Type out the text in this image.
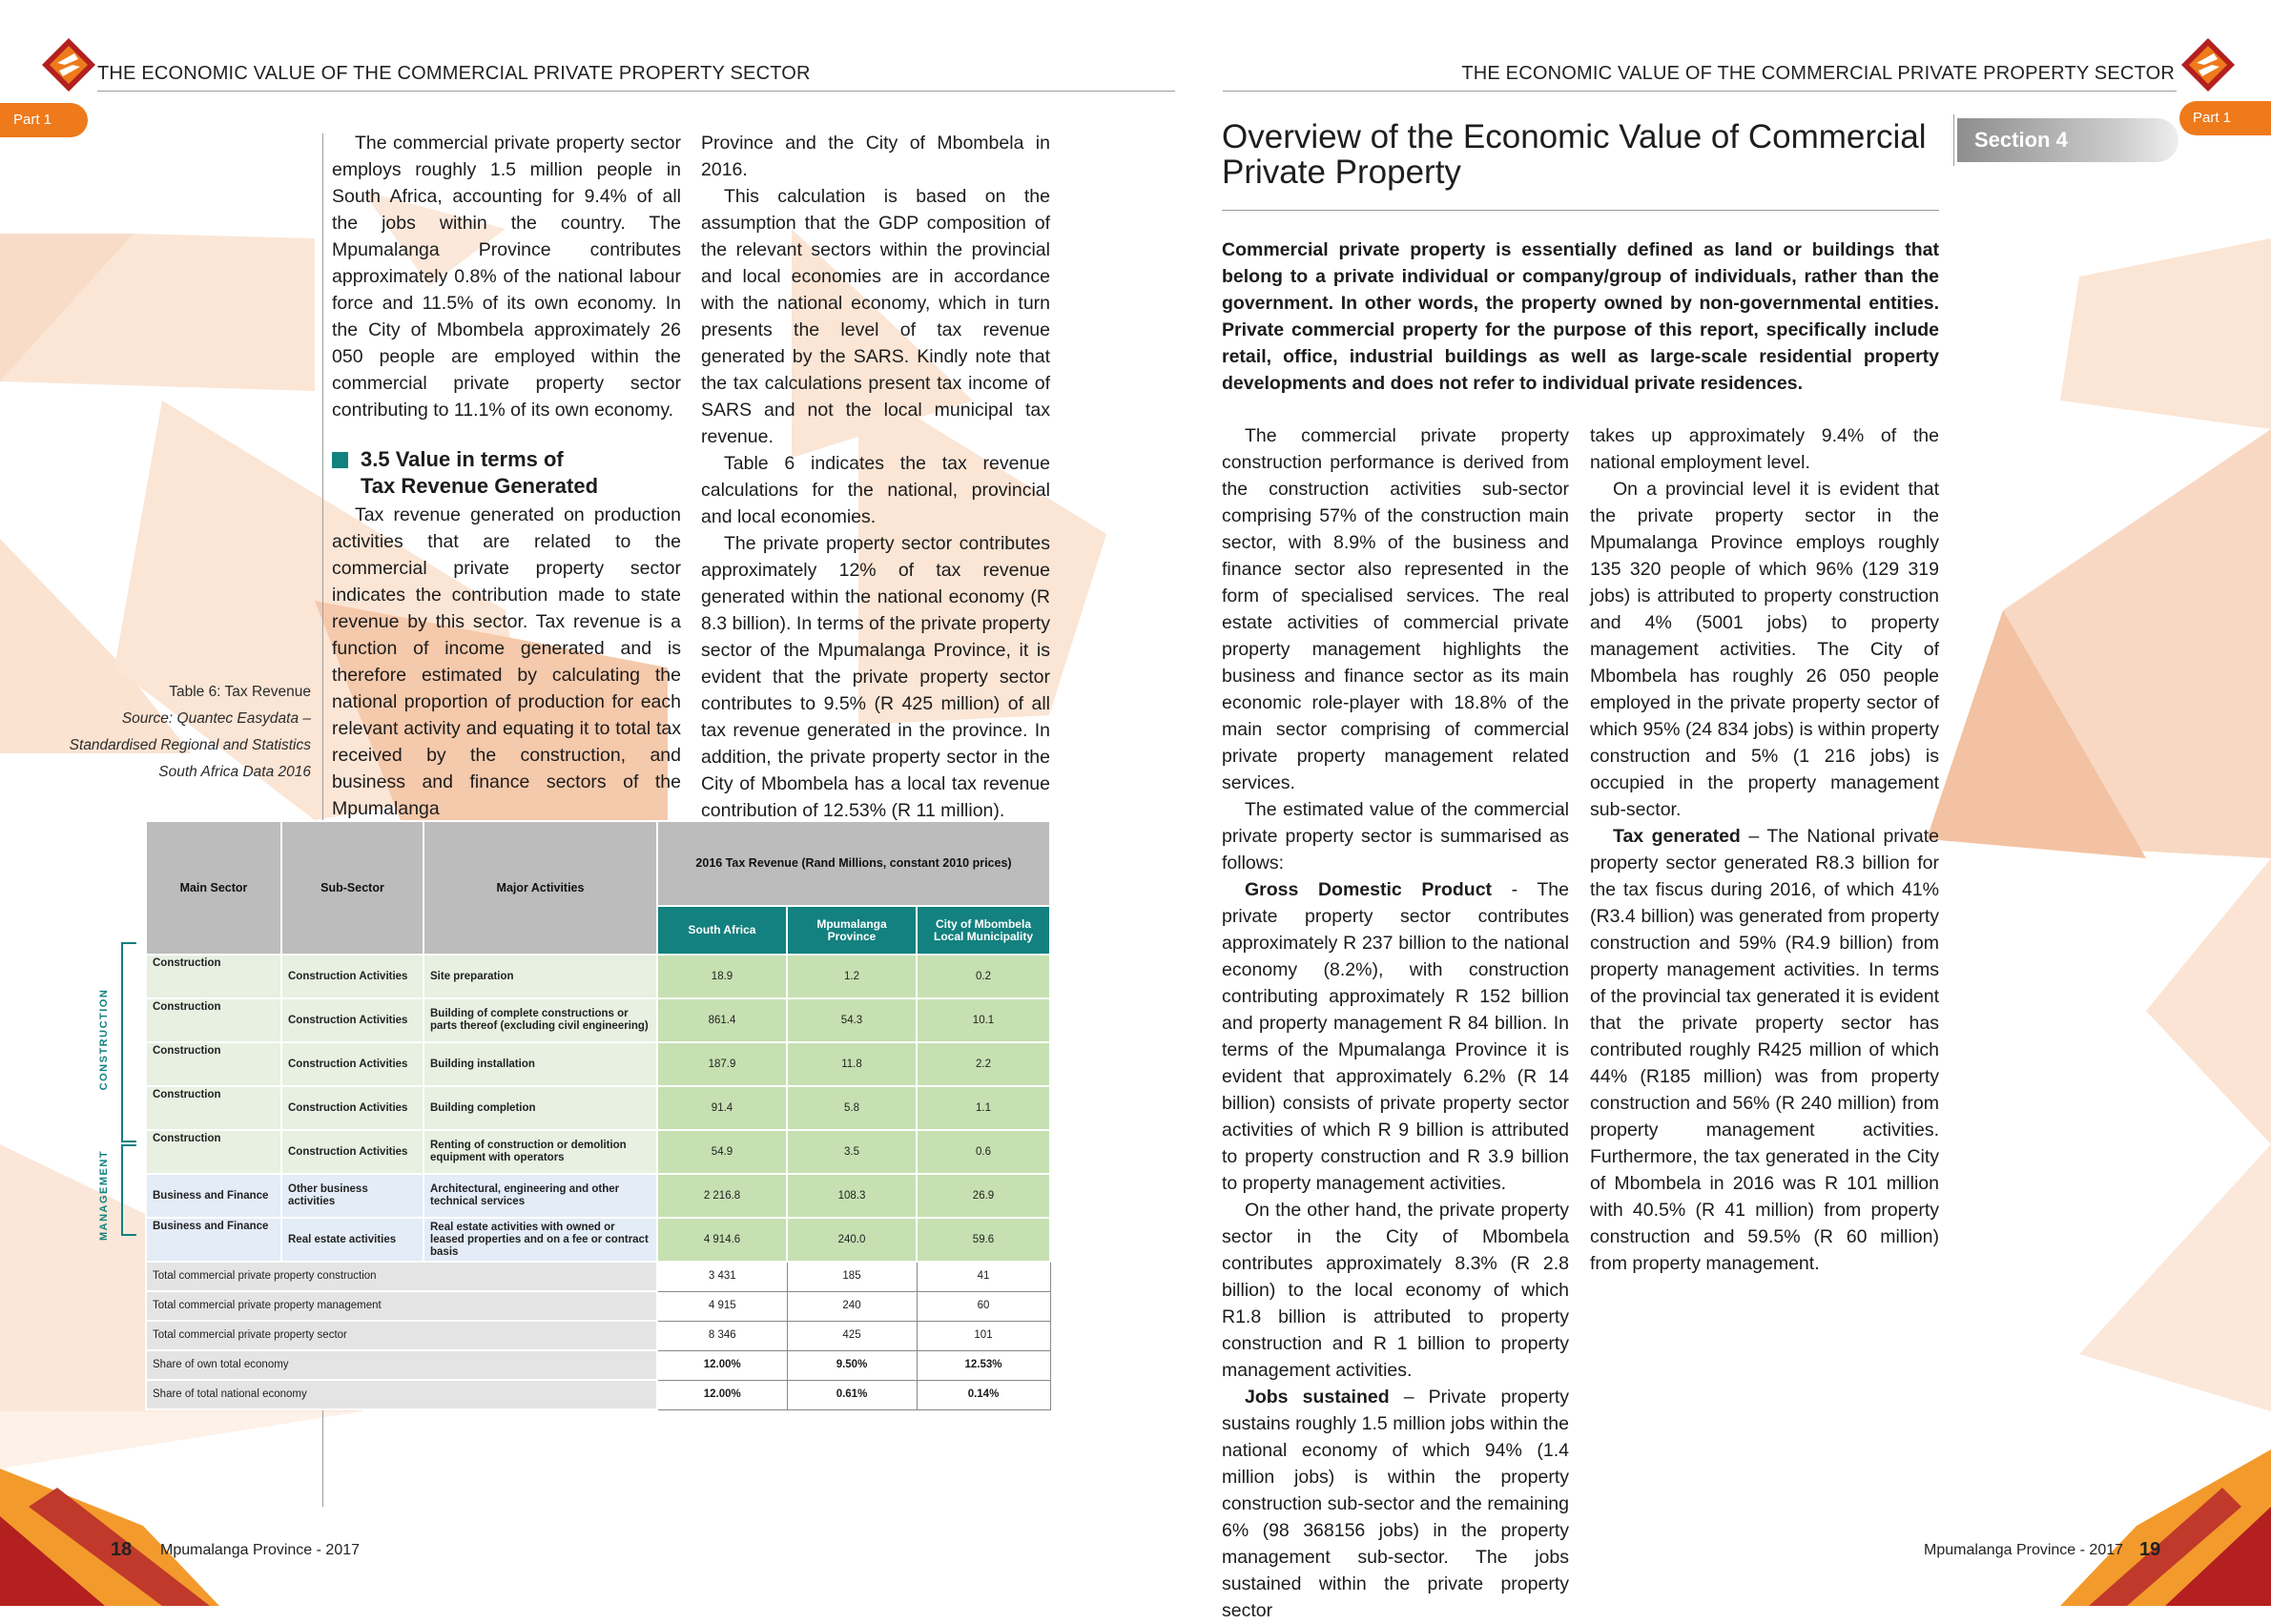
THE ECONOMIC VALUE OF THE COMMERCIAL PRIVATE PROPERTY SECTOR
Part 1
THE ECONOMIC VALUE OF THE COMMERCIAL PRIVATE PROPERTY SECTOR
Part 1

The commercial private property sector employs roughly 1.5 million people in South Africa, accounting for 9.4% of all the jobs within the country. The Mpumalanga Province contributes approximately 0.8% of the national labour force and 11.5% of its own economy. In the City of Mbombela approximately 26 050 people are employed within the commercial private property sector contributing to 11.1% of its own economy.

3.5 Value in terms of
Tax Revenue Generated

Tax revenue generated on production activities that are related to the commercial private property sector indicates the contribution made to state revenue by this sector. Tax revenue is a function of income generated and is therefore estimated by calculating the national proportion of production for each relevant activity and equating it to total tax received by the construction, and business and finance sectors of the Mpumalanga

Province and the City of Mbombela in 2016.

This calculation is based on the assumption that the GDP composition of the relevant sectors within the provincial and local economies are in accordance with the national economy, which in turn presents the level of tax revenue generated by the SARS. Kindly note that the tax calculations present tax income of SARS and not the local municipal tax revenue.

Table 6 indicates the tax revenue calculations for the national, provincial and local economies.

The private property sector contributes approximately 12% of tax revenue generated within the national economy (R 8.3 billion). In terms of the private property sector of the Mpumalanga Province, it is evident that the private property sector contributes to 9.5% (R 425 million) of all tax revenue generated in the province. In addition, the private property sector in the City of Mbombela has a local tax revenue contribution of 12.53% (R 11 million).

Table 6: Tax Revenue
Source: Quantec Easydata –
Standardised Regional and Statistics
South Africa Data 2016
CONSTRUCTION
MANAGEMENT
Main Sector	Sub-Sector	Major Activities	2016 Tax Revenue (Rand Millions, constant 2010 prices)		
			South Africa	Mpumalanga Province	City of Mbombela Local Municipality
Construction	Construction Activities	Site preparation	18.9	1.2	0.2
Construction	Construction Activities	Building of complete constructions or parts thereof (excluding civil engineering)	861.4	54.3	10.1
Construction	Construction Activities	Building installation	187.9	11.8	2.2
Construction	Construction Activities	Building completion	91.4	5.8	1.1
Construction	Construction Activities	Renting of construction or demolition equipment with operators	54.9	3.5	0.6
Business and Finance	Other business activities	Architectural, engineering and other technical services	2 216.8	108.3	26.9
Business and Finance	Real estate activities	Real estate activities with owned or leased properties and on a fee or contract basis	4 914.6	240.0	59.6
Total commercial private property construction			3 431	185	41
Total commercial private property management			4 915	240	60
Total commercial private property sector			8 346	425	101
Share of own total economy			12.00%	9.50%	12.53%
Share of total national economy			12.00%	0.61%	0.14%
18 Mpumalanga Province - 2017
Overview of the Economic Value of Commercial
Private Property
Section 4
Commercial private property is essentially defined as land or buildings that belong to a private individual or company/group of individuals, rather than the government. In other words, the property owned by non-governmental entities. Private commercial property for the purpose of this report, specifically include retail, office, industrial buildings as well as large-scale residential property developments and does not refer to individual private residences.

The commercial private property construction performance is derived from the construction activities sub-sector comprising 57% of the construction main sector, with 8.9% of the business and finance sector also represented in the form of specialised services. The real estate activities of commercial private property management highlights the business and finance sector as its main economic role-player with 18.8% of the main sector comprising of commercial private property management related services.

The estimated value of the commercial private property sector is summarised as follows:

Gross Domestic Product - The private property sector contributes approximately R 237 billion to the national economy (8.2%), with construction contributing approximately R 152 billion and property management R 84 billion. In terms of the Mpumalanga Province it is evident that approximately 6.2% (R 14 billion) consists of private property sector activities of which R 9 billion is attributed to property construction and R 3.9 billion to property management activities.

On the other hand, the private property sector in the City of Mbombela contributes approximately 8.3% (R 2.8 billion) to the local economy of which R1.8 billion is attributed to property construction and R 1 billion to property management activities.

Jobs sustained – Private property sustains roughly 1.5 million jobs within the national economy of which 94% (1.4 million jobs) is within the property construction sub-sector and the remaining 6% (98 368156 jobs) in the property management sub-sector. The jobs sustained within the private property sector

takes up approximately 9.4% of the national employment level.

On a provincial level it is evident that the private property sector in the Mpumalanga Province employs roughly 135 320 people of which 96% (129 319 jobs) is attributed to property construction and 4% (5001 jobs) to property management activities. The City of Mbombela has roughly 26 050 people employed in the private property sector of which 95% (24 834 jobs) is within property construction and 5% (1 216 jobs) is occupied in the property management sub-sector.

Tax generated – The National private property sector generated R8.3 billion for the tax fiscus during 2016, of which 41% (R3.4 billion) was generated from property construction and 59% (R4.9 billion) from property management activities. In terms of the provincial tax generated it is evident that the private property sector has contributed roughly R425 million of which 44% (R185 million) was from property construction and 56% (R 240 million) from property management activities. Furthermore, the tax generated in the City of Mbombela in 2016 was R 101 million with 40.5% (R 41 million) from property construction and 59.5% (R 60 million) from property management.

Mpumalanga Province - 2017 19
